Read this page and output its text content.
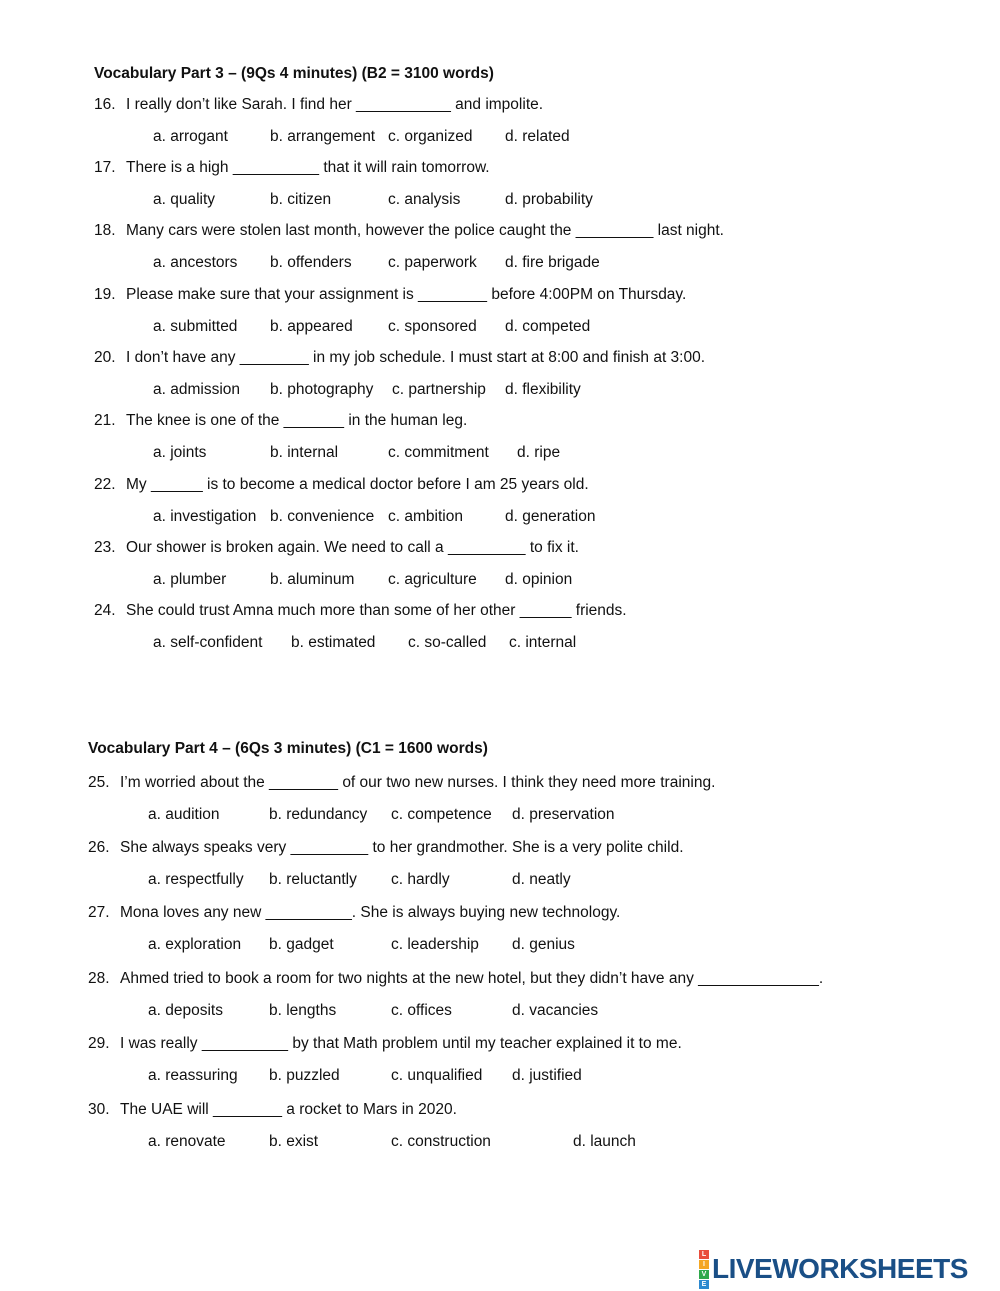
Vocabulary Part 3 – (9Qs 4 minutes) (B2 = 3100 words)
16. I really don’t like Sarah. I find her ___________ and impolite.
a. arrogant	b. arrangement c. organized d. related
17. There is a high __________ that it will rain tomorrow.
a. quality	b. citizen	c. analysis	d. probability
18. Many cars were stolen last month, however the police caught the _________ last night.
a. ancestors b. offenders c. paperwork d. fire brigade
19. Please make sure that your assignment is ________ before 4:00PM on Thursday.
a. submitted b. appeared c. sponsored d. competed
20. I don’t have any ________ in my job schedule. I must start at 8:00 and finish at 3:00.
a. admission b. photography c. partnership d. flexibility
21. The knee is one of the _______ in the human leg.
a. joints	b. internal	c. commitment d. ripe
22. My ______ is to become a medical doctor before I am 25 years old.
a. investigation b. convenience c. ambition	d. generation
23. Our shower is broken again. We need to call a _________ to fix it.
a. plumber	b. aluminum c. agriculture d. opinion
24. She could trust Amna much more than some of her other ______ friends.
a. self-confident b. estimated c. so-called c. internal
Vocabulary Part 4 – (6Qs 3 minutes) (C1 = 1600 words)
25. I’m worried about the ________ of our two new nurses. I think they need more training.
a. audition	b. redundancy c. competence d. preservation
26. She always speaks very _________ to her grandmother. She is a very polite child.
a. respectfully b. reluctantly c. hardly	d. neatly
27. Mona loves any new __________. She is always buying new technology.
a. exploration b. gadget	c. leadership d. genius
28. Ahmed tried to book a room for two nights at the new hotel, but they didn’t have any ______________.
a. deposits	b. lengths	c. offices	d. vacancies
29. I was really __________ by that Math problem until my teacher explained it to me.
a. reassuring b. puzzled	c. unqualified d. justified
30. The UAE will ________ a rocket to Mars in 2020.
a. renovate	b. exist	c. construction	d. launch
L
I
V
E LIVEWORKSHEETS
